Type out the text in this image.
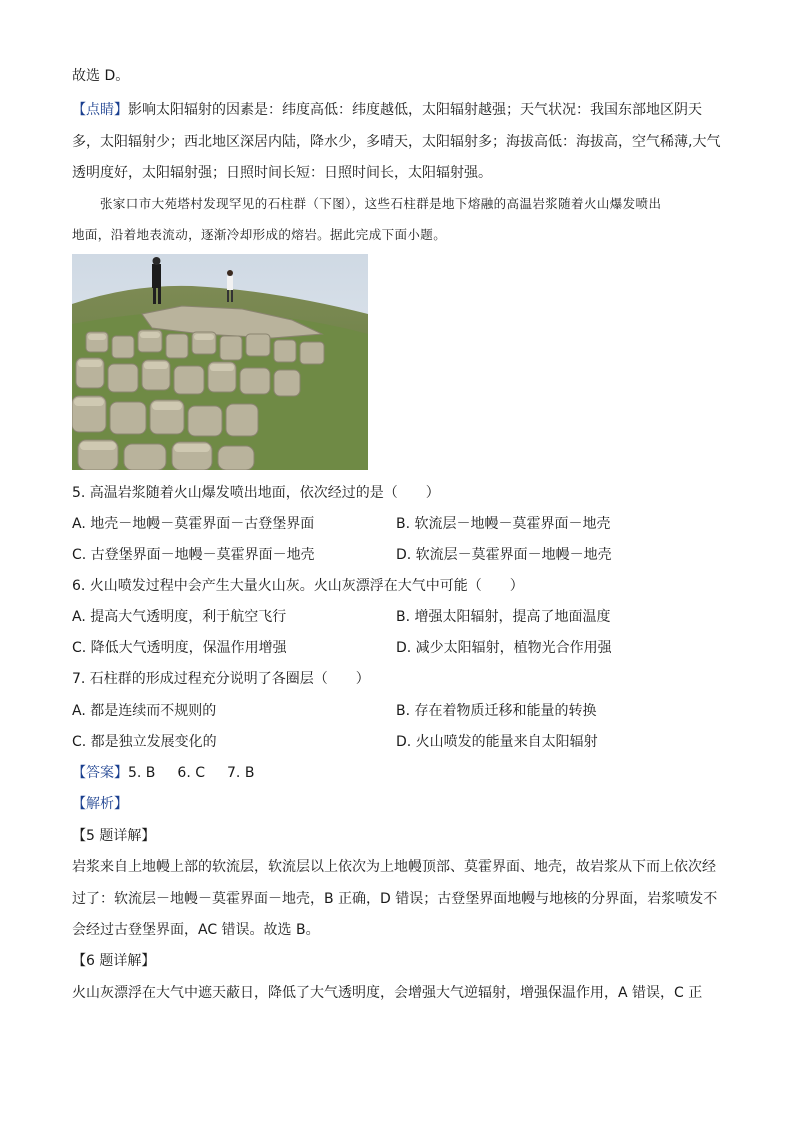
故选 D。
【点睛】影响太阳辐射的因素是：纬度高低：纬度越低，太阳辐射越强；天气状况：我国东部地区阴天
多，太阳辐射少；西北地区深居内陆，降水少，多晴天，太阳辐射多；海拔高低：海拔高，空气稀薄,大气
透明度好，太阳辐射强；日照时间长短：日照时间长，太阳辐射强。
张家口市大苑塔村发现罕见的石柱群（下图），这些石柱群是地下熔融的高温岩浆随着火山爆发喷出
地面，沿着地表流动，逐渐冷却形成的熔岩。据此完成下面小题。
5. 高温岩浆随着火山爆发喷出地面，依次经过的是（　　）
A. 地壳－地幔－莫霍界面－古登堡界面	B. 软流层－地幔－莫霍界面－地壳
C. 古登堡界面－地幔－莫霍界面－地壳	D. 软流层－莫霍界面－地幔－地壳
6. 火山喷发过程中会产生大量火山灰。火山灰漂浮在大气中可能（　　）
A. 提高大气透明度，利于航空飞行	B. 增强太阳辐射，提高了地面温度
C. 降低大气透明度，保温作用增强	D. 减少太阳辐射，植物光合作用强
7. 石柱群的形成过程充分说明了各圈层（　　）
A. 都是连续而不规则的	B. 存在着物质迁移和能量的转换
C. 都是独立发展变化的	D. 火山喷发的能量来自太阳辐射
【答案】5. B 6. C 7. B
【解析】
【5 题详解】
岩浆来自上地幔上部的软流层，软流层以上依次为上地幔顶部、莫霍界面、地壳，故岩浆从下而上依次经
过了：软流层－地幔－莫霍界面－地壳，B 正确，D 错误；古登堡界面地幔与地核的分界面，岩浆喷发不
会经过古登堡界面，AC 错误。故选 B。
【6 题详解】
火山灰漂浮在大气中遮天蔽日，降低了大气透明度，会增强大气逆辐射，增强保温作用，A 错误，C 正
